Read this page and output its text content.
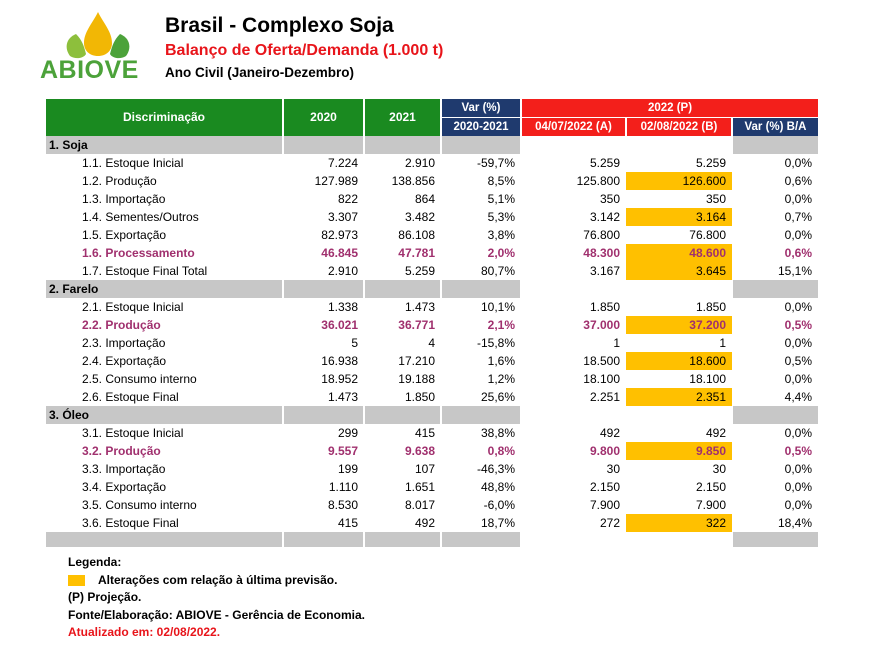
ABIOVE
Brasil - Complexo Soja
Balanço de Oferta/Demanda (1.000 t)
Ano Civil (Janeiro-Dezembro)
Discriminação	2020	2021	Var (%)	2022 (P)		
			2020-2021	04/07/2022 (A)	02/08/2022 (B)	Var (%) B/A
1. Soja						
1.1. Estoque Inicial	7.224	2.910	-59,7%	5.259	5.259	0,0%
1.2. Produção	127.989	138.856	8,5%	125.800	126.600	0,6%
1.3. Importação	822	864	5,1%	350	350	0,0%
1.4. Sementes/Outros	3.307	3.482	5,3%	3.142	3.164	0,7%
1.5. Exportação	82.973	86.108	3,8%	76.800	76.800	0,0%
1.6. Processamento	46.845	47.781	2,0%	48.300	48.600	0,6%
1.7. Estoque Final Total	2.910	5.259	80,7%	3.167	3.645	15,1%
2. Farelo						
2.1. Estoque Inicial	1.338	1.473	10,1%	1.850	1.850	0,0%
2.2. Produção	36.021	36.771	2,1%	37.000	37.200	0,5%
2.3. Importação	5	4	-15,8%	1	1	0,0%
2.4. Exportação	16.938	17.210	1,6%	18.500	18.600	0,5%
2.5. Consumo interno	18.952	19.188	1,2%	18.100	18.100	0,0%
2.6. Estoque Final	1.473	1.850	25,6%	2.251	2.351	4,4%
3. Óleo						
3.1. Estoque Inicial	299	415	38,8%	492	492	0,0%
3.2. Produção	9.557	9.638	0,8%	9.800	9.850	0,5%
3.3. Importação	199	107	-46,3%	30	30	0,0%
3.4. Exportação	1.110	1.651	48,8%	2.150	2.150	0,0%
3.5. Consumo interno	8.530	8.017	-6,0%	7.900	7.900	0,0%
3.6. Estoque Final	415	492	18,7%	272	322	18,4%

Legenda:
Alterações com relação à última previsão.
(P) Projeção.
Fonte/Elaboração: ABIOVE - Gerência de Economia.
Atualizado em: 02/08/2022.
